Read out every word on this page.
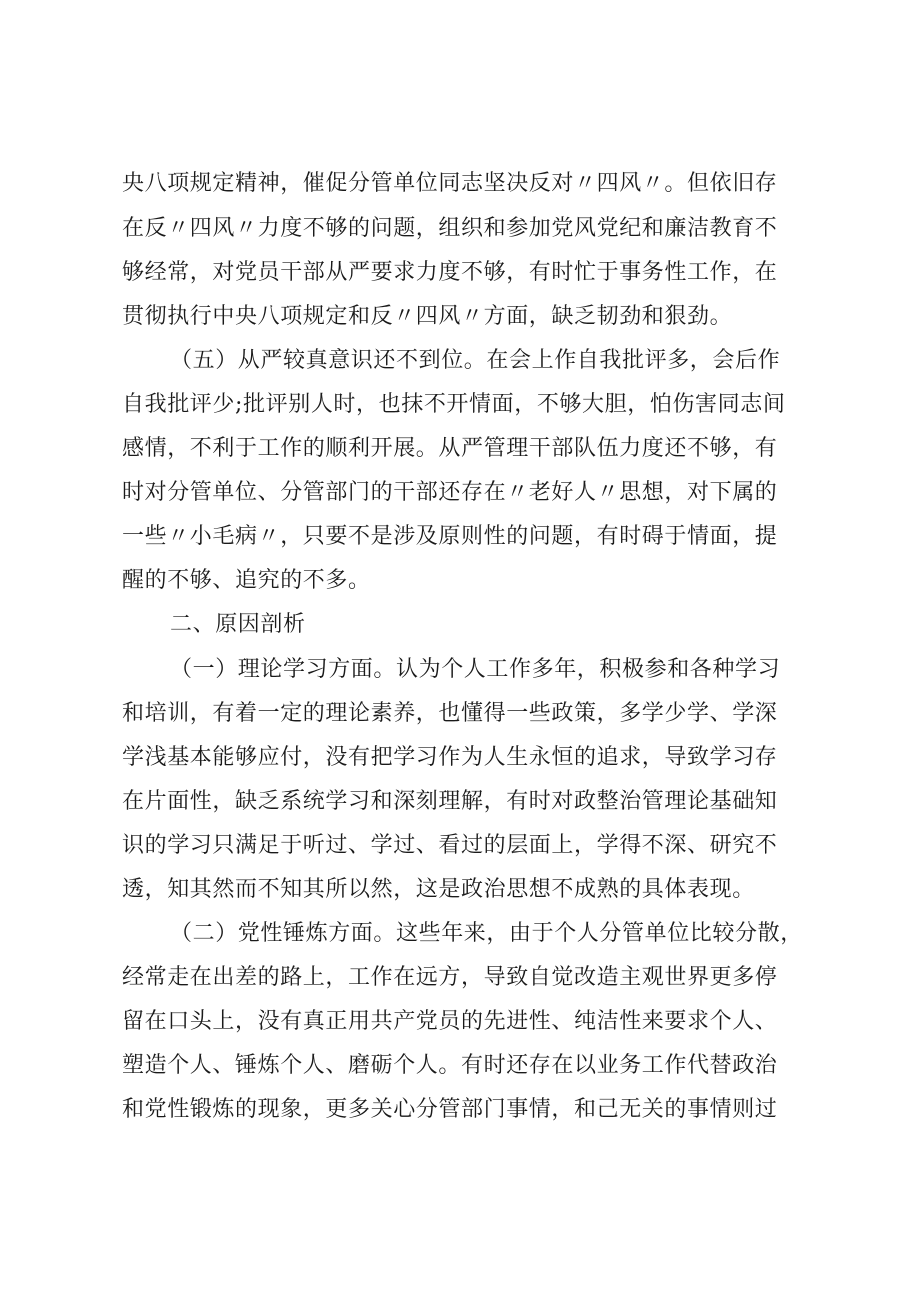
央八项规定精神，催促分管单位同志坚决反对〃四风〃。但依旧存
在反〃四风〃力度不够的问题，组织和参加党风党纪和廉洁教育不
够经常，对党员干部从严要求力度不够，有时忙于事务性工作，在
贯彻执行中央八项规定和反〃四风〃方面，缺乏韧劲和狠劲。
（五）从严较真意识还不到位。在会上作自我批评多，会后作
自我批评少;批评别人时，也抹不开情面，不够大胆，怕伤害同志间
感情，不利于工作的顺利开展。从严管理干部队伍力度还不够，有
时对分管单位、分管部门的干部还存在〃老好人〃思想，对下属的
一些〃小毛病〃，只要不是涉及原则性的问题，有时碍于情面，提
醒的不够、追究的不多。
二、原因剖析
（一）理论学习方面。认为个人工作多年，积极参和各种学习
和培训，有着一定的理论素养，也懂得一些政策，多学少学、学深
学浅基本能够应付，没有把学习作为人生永恒的追求，导致学习存
在片面性，缺乏系统学习和深刻理解，有时对政整治管理论基础知
识的学习只满足于听过、学过、看过的层面上，学得不深、研究不
透，知其然而不知其所以然，这是政治思想不成熟的具体表现。
（二）党性锤炼方面。这些年来，由于个人分管单位比较分散，
经常走在出差的路上，工作在远方，导致自觉改造主观世界更多停
留在口头上，没有真正用共产党员的先进性、纯洁性来要求个人、
塑造个人、锤炼个人、磨砺个人。有时还存在以业务工作代替政治
和党性锻炼的现象，更多关心分管部门事情，和己无关的事情则过
